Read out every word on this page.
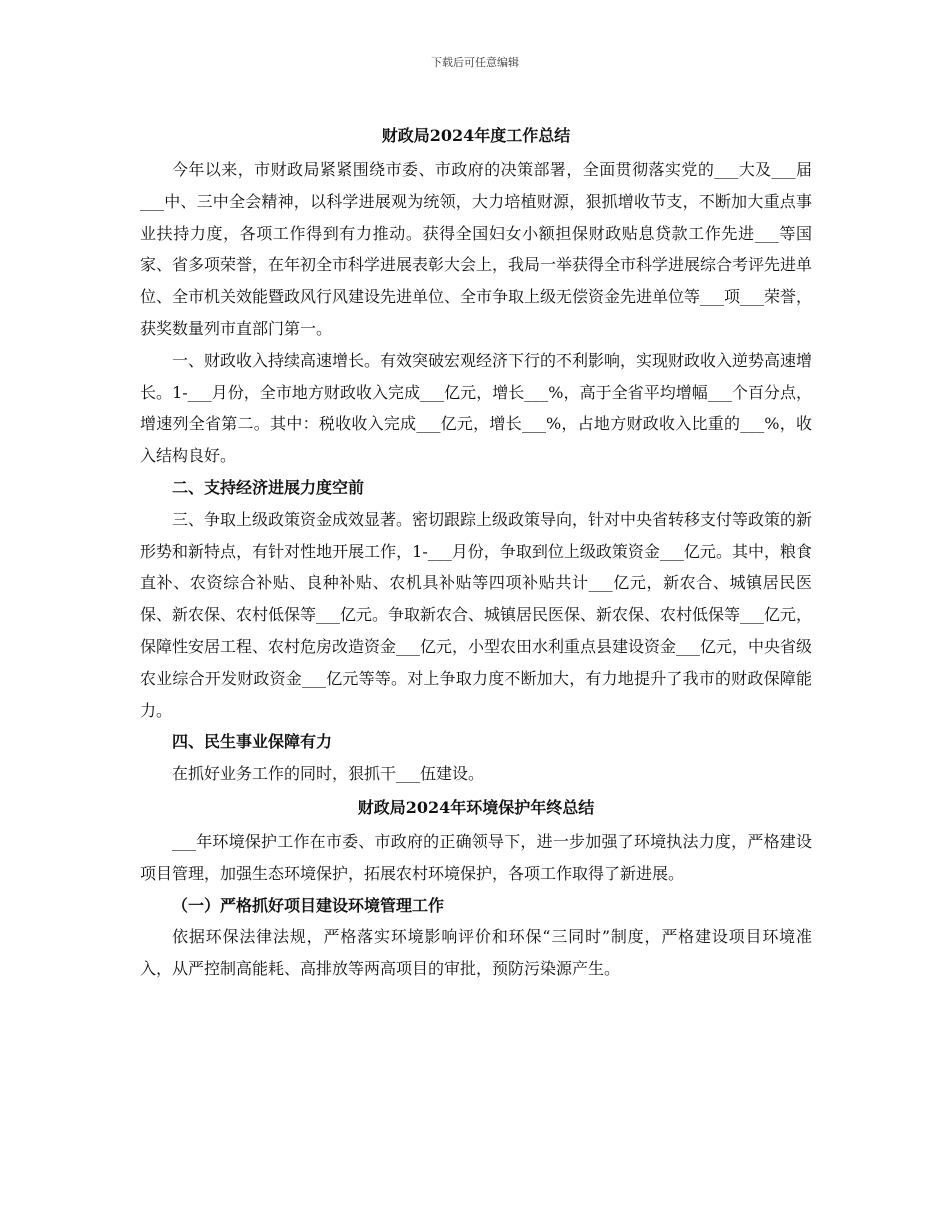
下载后可任意编辑
财政局2024年度工作总结

今年以来，市财政局紧紧围绕市委、市政府的决策部署，全面贯彻落实党的___大及___届___中、三中全会精神，以科学进展观为统领，大力培植财源，狠抓增收节支，不断加大重点事业扶持力度，各项工作得到有力推动。获得全国妇女小额担保财政贴息贷款工作先进___等国家、省多项荣誉，在年初全市科学进展表彰大会上，我局一举获得全市科学进展综合考评先进单位、全市机关效能暨政风行风建设先进单位、全市争取上级无偿资金先进单位等___项___荣誉，获奖数量列市直部门第一。

一、财政收入持续高速增长。有效突破宏观经济下行的不利影响，实现财政收入逆势高速增长。1-___月份，全市地方财政收入完成___亿元，增长___%，高于全省平均增幅___个百分点，增速列全省第二。其中：税收收入完成___亿元，增长___%，占地方财政收入比重的___%，收入结构良好。

二、支持经济进展力度空前

三、争取上级政策资金成效显著。密切跟踪上级政策导向，针对中央省转移支付等政策的新形势和新特点，有针对性地开展工作，1-___月份，争取到位上级政策资金___亿元。其中，粮食直补、农资综合补贴、良种补贴、农机具补贴等四项补贴共计___亿元，新农合、城镇居民医保、新农保、农村低保等___亿元。争取新农合、城镇居民医保、新农保、农村低保等___亿元，保障性安居工程、农村危房改造资金___亿元，小型农田水利重点县建设资金___亿元，中央省级农业综合开发财政资金___亿元等等。对上争取力度不断加大，有力地提升了我市的财政保障能力。

四、民生事业保障有力

在抓好业务工作的同时，狠抓干___伍建设。

财政局2024年环境保护年终总结

___年环境保护工作在市委、市政府的正确领导下，进一步加强了环境执法力度，严格建设项目管理，加强生态环境保护，拓展农村环境保护，各项工作取得了新进展。

（一）严格抓好项目建设环境管理工作

依据环保法律法规，严格落实环境影响评价和环保“三同时”制度，严格建设项目环境准入，从严控制高能耗、高排放等两高项目的审批，预防污染源产生。
